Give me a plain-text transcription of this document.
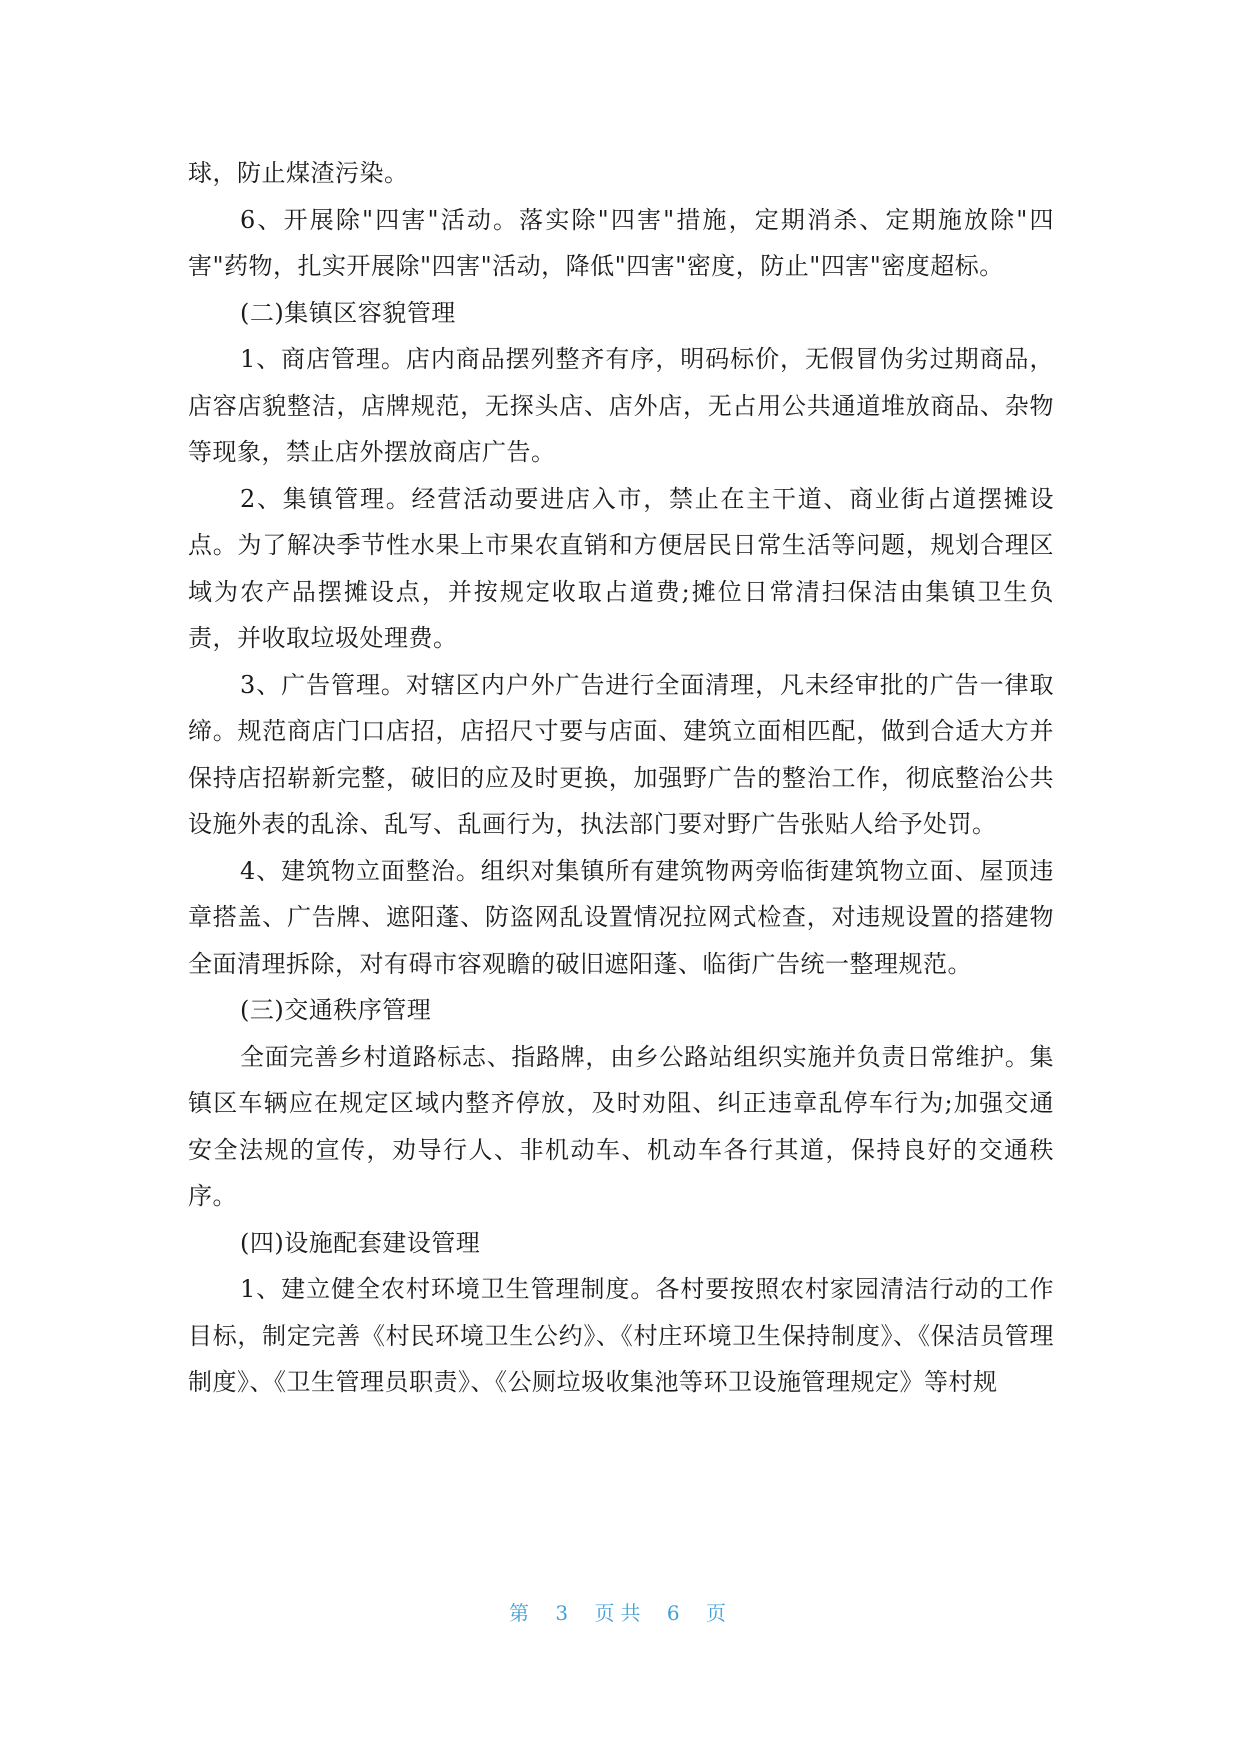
球，防止煤渣污染。

6、开展除"四害"活动。落实除"四害"措施，定期消杀、定期施放除"四害"药物，扎实开展除"四害"活动，降低"四害"密度，防止"四害"密度超标。

(二)集镇区容貌管理

1、商店管理。店内商品摆列整齐有序，明码标价，无假冒伪劣过期商品，店容店貌整洁，店牌规范，无探头店、店外店，无占用公共通道堆放商品、杂物等现象，禁止店外摆放商店广告。

2、集镇管理。经营活动要进店入市，禁止在主干道、商业街占道摆摊设点。为了解决季节性水果上市果农直销和方便居民日常生活等问题，规划合理区域为农产品摆摊设点，并按规定收取占道费;摊位日常清扫保洁由集镇卫生负责，并收取垃圾处理费。

3、广告管理。对辖区内户外广告进行全面清理，凡未经审批的广告一律取缔。规范商店门口店招，店招尺寸要与店面、建筑立面相匹配，做到合适大方并保持店招崭新完整，破旧的应及时更换，加强野广告的整治工作，彻底整治公共设施外表的乱涂、乱写、乱画行为，执法部门要对野广告张贴人给予处罚。

4、建筑物立面整治。组织对集镇所有建筑物两旁临街建筑物立面、屋顶违章搭盖、广告牌、遮阳蓬、防盗网乱设置情况拉网式检查，对违规设置的搭建物全面清理拆除，对有碍市容观瞻的破旧遮阳蓬、临街广告统一整理规范。

(三)交通秩序管理

全面完善乡村道路标志、指路牌，由乡公路站组织实施并负责日常维护。集镇区车辆应在规定区域内整齐停放，及时劝阻、纠正违章乱停车行为;加强交通安全法规的宣传，劝导行人、非机动车、机动车各行其道，保持良好的交通秩序。

(四)设施配套建设管理

1、建立健全农村环境卫生管理制度。各村要按照农村家园清洁行动的工作目标，制定完善《村民环境卫生公约》、《村庄环境卫生保持制度》、《保洁员管理制度》、《卫生管理员职责》、《公厕垃圾收集池等环卫设施管理规定》等村规

第 3 页共 6 页
